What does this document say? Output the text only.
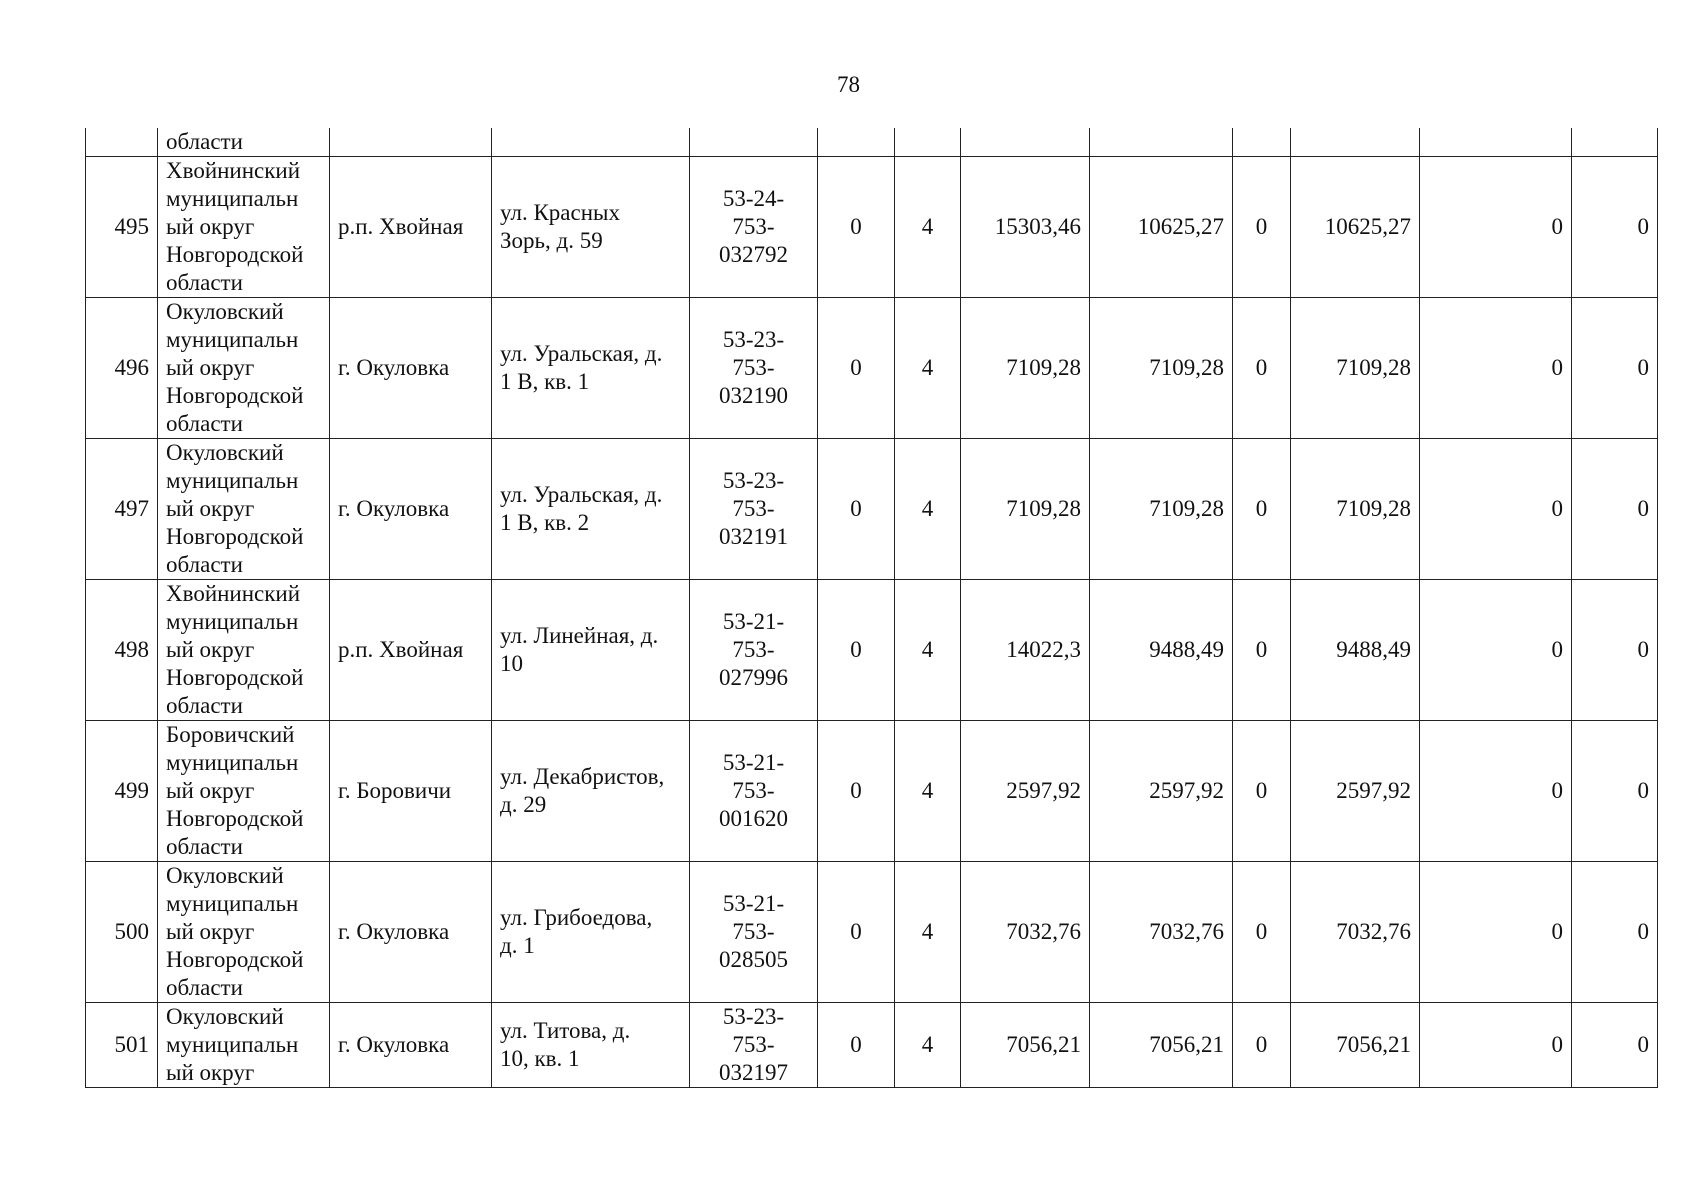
78
	области											
495	Хвойнинский
муниципальн
ый округ
Новгородской
области	р.п. Хвойная	ул. Красных
Зорь, д. 59	53-24-
753-
032792	0	4	15303,46	10625,27	0	10625,27	0	0
496	Окуловский
муниципальн
ый округ
Новгородской
области	г. Окуловка	ул. Уральская, д.
1 В, кв. 1	53-23-
753-
032190	0	4	7109,28	7109,28	0	7109,28	0	0
497	Окуловский
муниципальн
ый округ
Новгородской
области	г. Окуловка	ул. Уральская, д.
1 В, кв. 2	53-23-
753-
032191	0	4	7109,28	7109,28	0	7109,28	0	0
498	Хвойнинский
муниципальн
ый округ
Новгородской
области	р.п. Хвойная	ул. Линейная, д.
10	53-21-
753-
027996	0	4	14022,3	9488,49	0	9488,49	0	0
499	Боровичский
муниципальн
ый округ
Новгородской
области	г. Боровичи	ул. Декабристов,
д. 29	53-21-
753-
001620	0	4	2597,92	2597,92	0	2597,92	0	0
500	Окуловский
муниципальн
ый округ
Новгородской
области	г. Окуловка	ул. Грибоедова,
д. 1	53-21-
753-
028505	0	4	7032,76	7032,76	0	7032,76	0	0
501	Окуловский
муниципальн
ый округ	г. Окуловка	ул. Титова, д.
10, кв. 1	53-23-
753-
032197	0	4	7056,21	7056,21	0	7056,21	0	0
